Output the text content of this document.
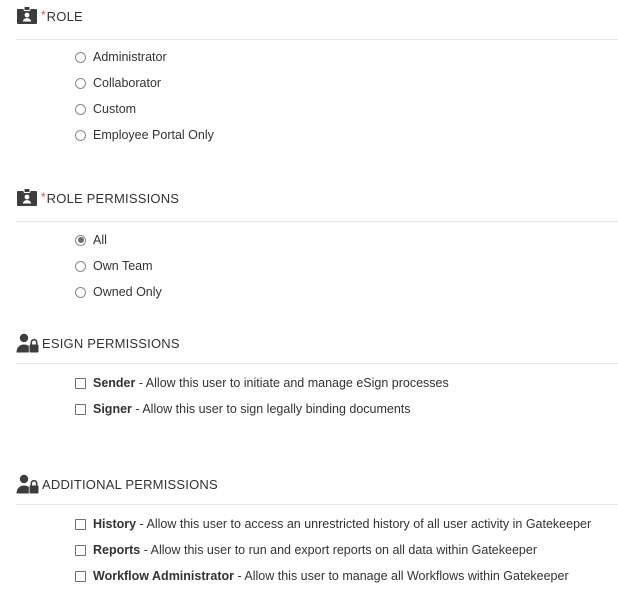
* ROLE
Administrator
Collaborator
Custom
Employee Portal Only
* ROLE PERMISSIONS
All
Own Team
Owned Only
ESIGN PERMISSIONS
Sender - Allow this user to initiate and manage eSign processes
Signer - Allow this user to sign legally binding documents
ADDITIONAL PERMISSIONS
History - Allow this user to access an unrestricted history of all user activity in Gatekeeper
Reports - Allow this user to run and export reports on all data within Gatekeeper
Workflow Administrator - Allow this user to manage all Workflows within Gatekeeper
